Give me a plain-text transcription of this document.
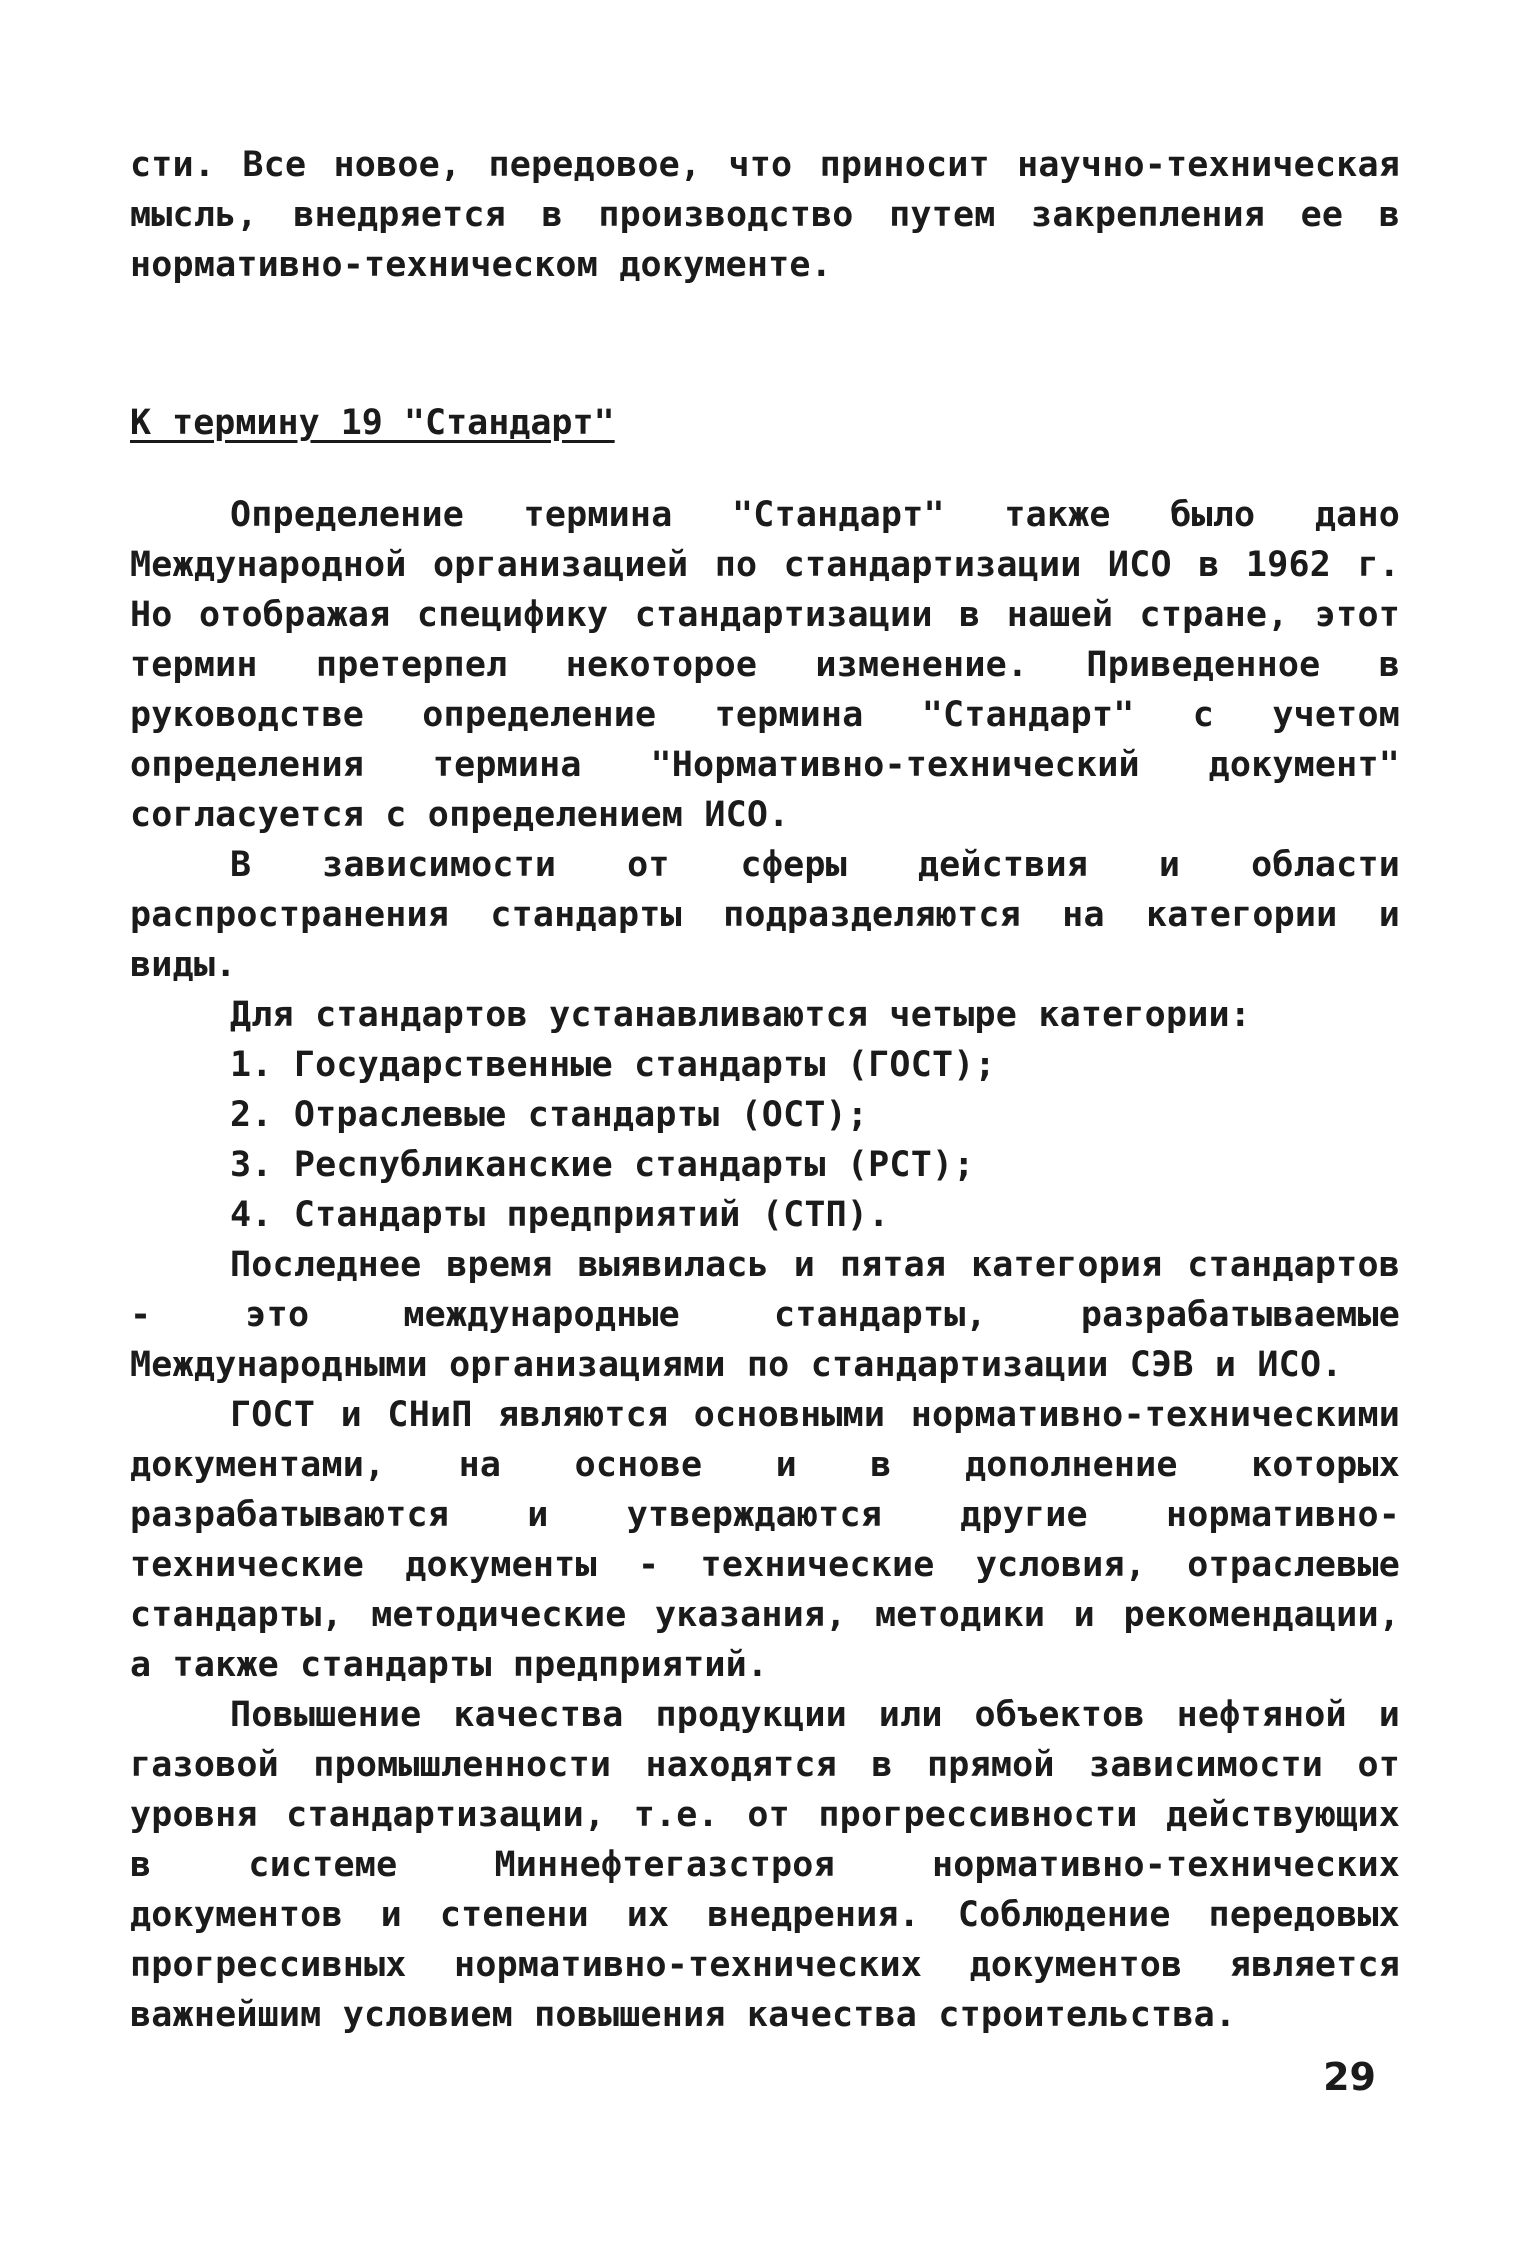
сти. Все новое, передовое, что приносит научно-техническая мысль, внедряется в производство путем закрепления ее в нормативно-техническом документе.

К термину 19 "Стандарт"

Определение термина "Стандарт" также было дано Международной организацией по стандартизации ИСО в 1962 г. Но отображая специфику стандартизации в нашей стране, этот термин претерпел некоторое изменение. Приведенное в руководстве определение термина "Стандарт" с учетом определения термина "Нормативно-технический документ" согласуется с определением ИСО.

В зависимости от сферы действия и области распространения стандарты подразделяются на категории и виды.

Для стандартов устанавливаются четыре категории:

1. Государственные стандарты (ГОСТ);

2. Отраслевые стандарты (ОСТ);

3. Республиканские стандарты (РСТ);

4. Стандарты предприятий (СТП).

Последнее время выявилась и пятая категория стандартов - это международные стандарты, разрабатываемые Международными организациями по стандартизации СЭВ и ИСО.

ГОСТ и СНиП являются основными нормативно-техническими документами, на основе и в дополнение которых разрабатываются и утверждаются другие нормативно-технические документы - технические условия, отраслевые стандарты, методические указания, методики и рекомендации, а также стандарты предприятий.

Повышение качества продукции или объектов нефтяной и газовой промышленности находятся в прямой зависимости от уровня стандартизации, т.е. от прогрессивности действующих в системе Миннефтегазстроя нормативно-технических документов и степени их внедрения. Соблюдение передовых прогрессивных нормативно-технических документов является важнейшим условием повышения качества строительства.

29
